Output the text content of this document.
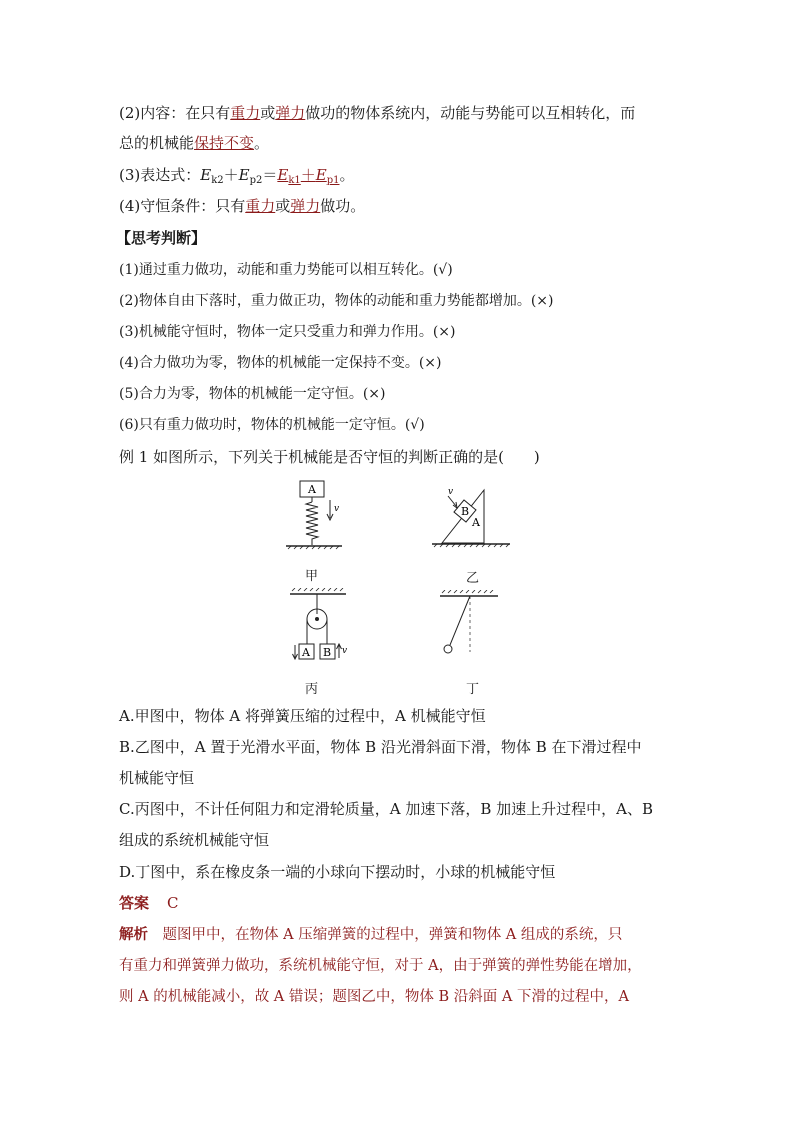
(2)内容：在只有重力或弹力做功的物体系统内，动能与势能可以互相转化，而
总的机械能保持不变。
(3)表达式：$E_{k2}+E_{p2}=E_{k1}+E_{p1}$。
(4)守恒条件：只有重力或弹力做功。
【思考判断】
(1)通过重力做功，动能和重力势能可以相互转化。(√)
(2)物体自由下落时，重力做正功，物体的动能和重力势能都增加。(×)
(3)机械能守恒时，物体一定只受重力和弹力作用。(×)
(4)合力做功为零，物体的机械能一定保持不变。(×)
(5)合力为零，物体的机械能一定守恒。(×)
(6)只有重力做功时，物体的机械能一定守恒。(√)
例 1 如图所示，下列关于机械能是否守恒的判断正确的是(　　)
A
v
甲
A
B
v
乙
A B v
丙	丁
A.甲图中，物体 A 将弹簧压缩的过程中，A 机械能守恒
B.乙图中，A 置于光滑水平面，物体 B 沿光滑斜面下滑，物体 B 在下滑过程中
机械能守恒
C.丙图中，不计任何阻力和定滑轮质量，A 加速下落，B 加速上升过程中，A、B
组成的系统机械能守恒
D.丁图中，系在橡皮条一端的小球向下摆动时，小球的机械能守恒
答案 C
解析　题图甲中，在物体 A 压缩弹簧的过程中，弹簧和物体 A 组成的系统，只
有重力和弹簧弹力做功，系统机械能守恒，对于 A，由于弹簧的弹性势能在增加，
则 A 的机械能减小，故 A 错误；题图乙中，物体 B 沿斜面 A 下滑的过程中，A
